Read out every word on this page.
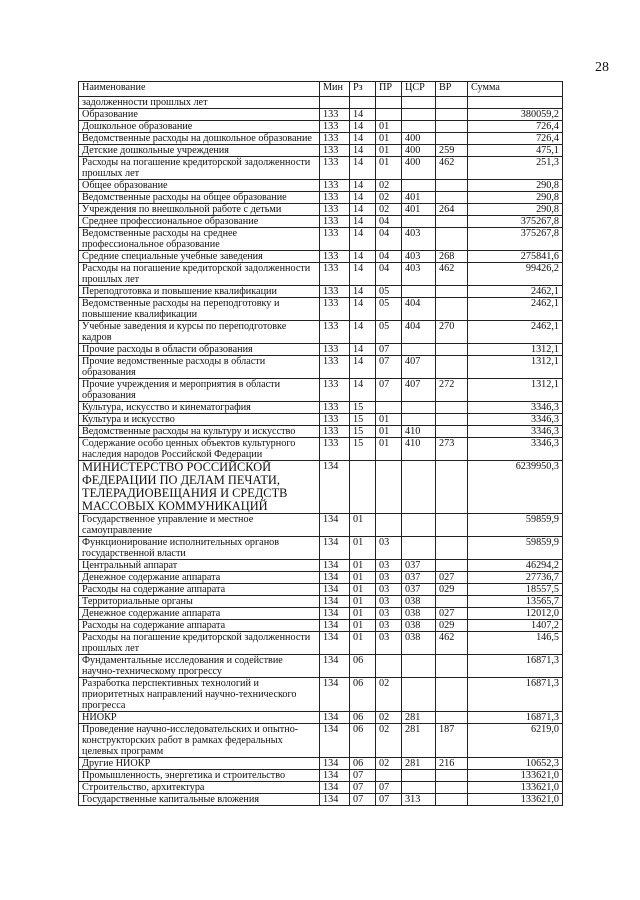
28
Наименование	Мин	Рз	ПР	ЦСР	ВР	Сумма
задолженности прошлых лет						
Образование	133	14				380059,2
Дошкольное образование	133	14	01			726,4
Ведомственные расходы на дошкольное образование	133	14	01	400		726,4
Детские дошкольные учреждения	133	14	01	400	259	475,1
Расходы на погашение кредиторской задолженности прошлых лет	133	14	01	400	462	251,3
Общее образование	133	14	02			290,8
Ведомственные расходы на общее образование	133	14	02	401		290,8
Учреждения по внешкольной работе с детьми	133	14	02	401	264	290,8
Среднее профессиональное образование	133	14	04			375267,8
Ведомственные расходы на среднее профессиональное образование	133	14	04	403		375267,8
Средние специальные учебные заведения	133	14	04	403	268	275841,6
Расходы на погашение кредиторской задолженности прошлых лет	133	14	04	403	462	99426,2
Переподготовка и повышение квалификации	133	14	05			2462,1
Ведомственные расходы на переподготовку и повышение квалификации	133	14	05	404		2462,1
Учебные заведения и курсы по переподготовке кадров	133	14	05	404	270	2462,1
Прочие расходы в области образования	133	14	07			1312,1
Прочие ведомственные расходы в области образования	133	14	07	407		1312,1
Прочие учреждения и мероприятия в области образования	133	14	07	407	272	1312,1
Культура, искусство и кинематография	133	15				3346,3
Культура и искусство	133	15	01			3346,3
Ведомственные расходы на культуру и искусство	133	15	01	410		3346,3
Содержание особо ценных объектов культурного наследия народов Российской Федерации	133	15	01	410	273	3346,3
МИНИСТЕРСТВО РОССИЙСКОЙ ФЕДЕРАЦИИ ПО ДЕЛАМ ПЕЧАТИ, ТЕЛЕРАДИОВЕЩАНИЯ И СРЕДСТВ МАССОВЫХ КОММУНИКАЦИЙ	134					6239950,3
Государственное управление и местное самоуправление	134	01				59859,9
Функционирование исполнительных органов государственной власти	134	01	03			59859,9
Центральный аппарат	134	01	03	037		46294,2
Денежное содержание аппарата	134	01	03	037	027	27736,7
Расходы на содержание аппарата	134	01	03	037	029	18557,5
Территориальные органы	134	01	03	038		13565,7
Денежное содержание аппарата	134	01	03	038	027	12012,0
Расходы на содержание аппарата	134	01	03	038	029	1407,2
Расходы на погашение кредиторской задолженности прошлых лет	134	01	03	038	462	146,5
Фундаментальные исследования и содействие научно-техническому прогрессу	134	06				16871,3
Разработка перспективных технологий и приоритетных направлений научно-технического прогресса	134	06	02			16871,3
НИОКР	134	06	02	281		16871,3
Проведение научно-исследовательских и опытно-конструкторских работ в рамках федеральных целевых программ	134	06	02	281	187	6219,0
Другие НИОКР	134	06	02	281	216	10652,3
Промышленность, энергетика и строительство	134	07				133621,0
Строительство, архитектура	134	07	07			133621,0
Государственные капитальные вложения	134	07	07	313		133621,0
